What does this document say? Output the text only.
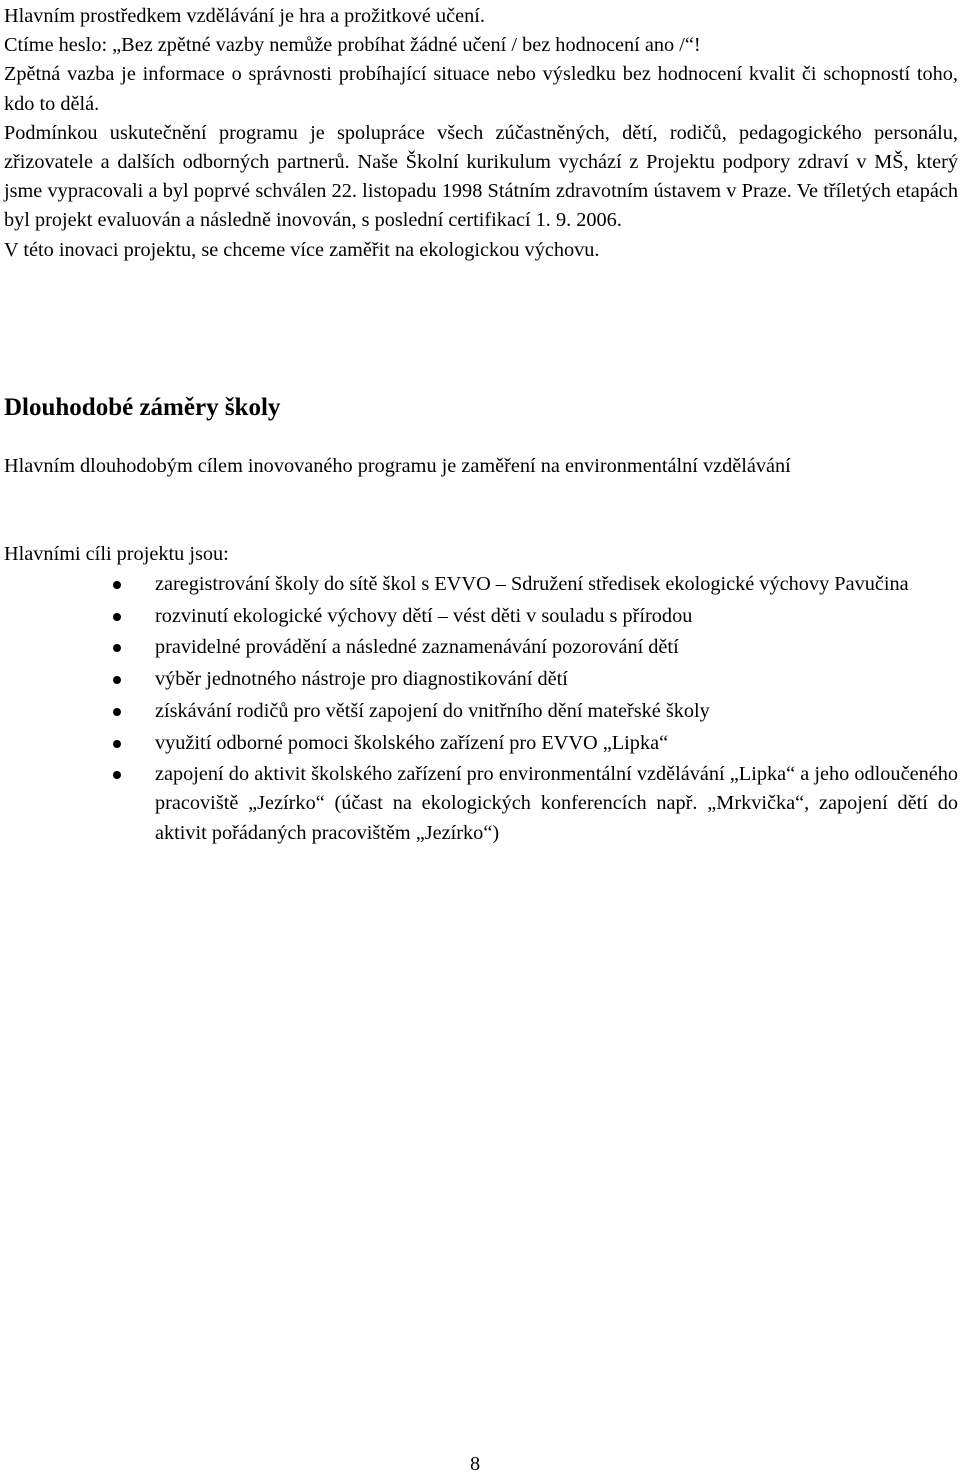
Hlavním prostředkem vzdělávání je hra a prožitkové učení.
Ctíme heslo: „Bez zpětné vazby nemůže probíhat žádné učení / bez hodnocení ano /“!
Zpětná vazba je informace o správnosti probíhající situace nebo výsledku bez hodnocení kvalit či schopností toho, kdo to dělá.
Podmínkou uskutečnění programu je spolupráce všech zúčastněných, dětí, rodičů, pedagogického personálu, zřizovatele a dalších odborných partnerů. Naše Školní kurikulum vychází z Projektu podpory zdraví v MŠ, který jsme vypracovali a byl poprvé schválen 22. listopadu 1998 Státním zdravotním ústavem v Praze. Ve tříletých etapách byl projekt evaluován a následně inovován, s poslední certifikací 1. 9. 2006.
V této inovaci projektu, se chceme více zaměřit na ekologickou výchovu.
Dlouhodobé záměry školy

Hlavním dlouhodobým cílem inovovaného programu je zaměření na environmentální vzdělávání

Hlavními cíli projektu jsou:

zaregistrování školy do sítě škol s EVVO – Sdružení středisek ekologické výchovy Pavučina
rozvinutí ekologické výchovy dětí – vést děti v souladu s přírodou
pravidelné provádění a následné zaznamenávání pozorování dětí
výběr jednotného nástroje pro diagnostikování dětí
získávání rodičů pro větší zapojení do vnitřního dění mateřské školy
využití odborné pomoci školského zařízení pro EVVO „Lipka“
zapojení do aktivit školského zařízení pro environmentální vzdělávání „Lipka“ a jeho odloučeného pracoviště „Jezírko“ (účast na ekologických konferencích např. „Mrkvička“, zapojení dětí do aktivit pořádaných pracovištěm „Jezírko“)
8
